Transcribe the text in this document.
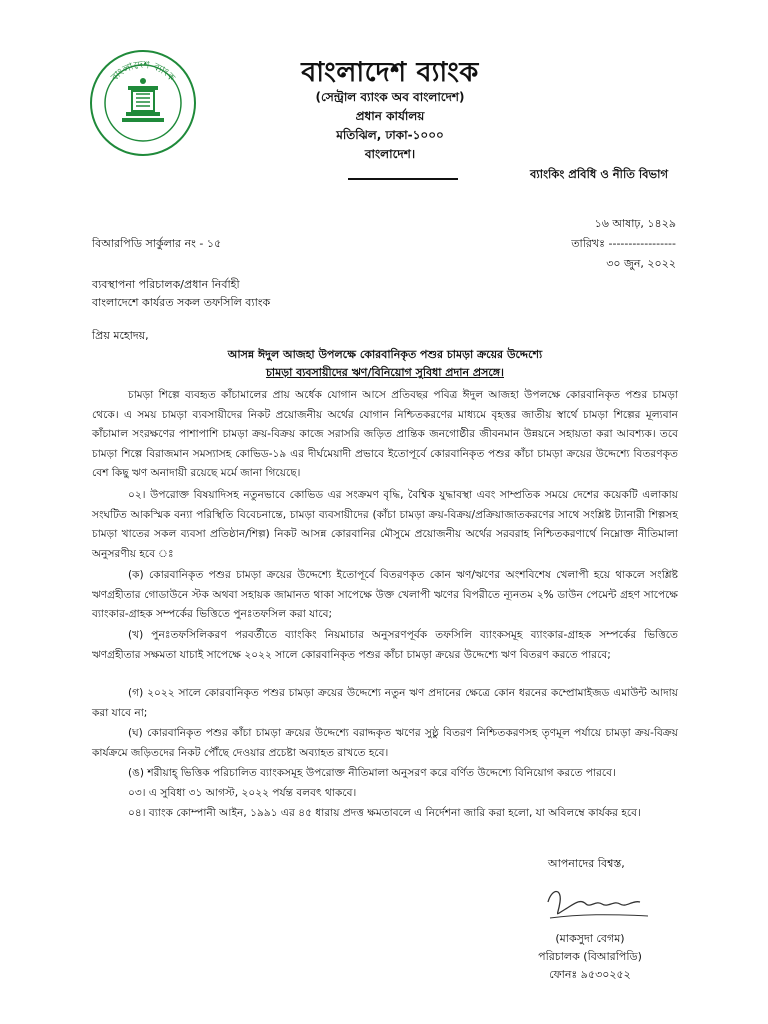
বাংলাদেশ ব্যাংক	বাংলাদেশ ব্যাংক
(সেন্ট্রাল ব্যাংক অব বাংলাদেশ)
প্রধান কার্যালয়
মতিঝিল, ঢাকা-১০০০
বাংলাদেশ।
ব্যাংকিং প্রবিধি ও নীতি বিভাগ
১৬ আষাঢ়, ১৪২৯
বিআরপিডি সার্কুলার নং - ১৫	তারিখঃ -----------------
৩০ জুন, ২০২২
ব্যবস্থাপনা পরিচালক/প্রধান নির্বাহী
বাংলাদেশে কার্যরত সকল তফসিলি ব্যাংক
প্রিয় মহোদয়,
আসন্ন ঈদুল আজহা উপলক্ষে কোরবানিকৃত পশুর চামড়া ক্রয়ের উদ্দেশ্যে
চামড়া ব্যবসায়ীদের ঋণ/বিনিয়োগ সুবিধা প্রদান প্রসঙ্গে।
চামড়া শিল্পে ব্যবহৃত কাঁচামালের প্রায় অর্ধেক যোগান আসে প্রতিবছর পবিত্র ঈদুল আজহা উপলক্ষে কোরবানিকৃত পশুর চামড়া থেকে। এ সময় চামড়া ব্যবসায়ীদের নিকট প্রয়োজনীয় অর্থের যোগান নিশ্চিতকরণের মাধ্যমে বৃহত্তর জাতীয় স্বার্থে চামড়া শিল্পের মূল্যবান কাঁচামাল সংরক্ষণের পাশাপাশি চামড়া ক্রয়-বিক্রয় কাজে সরাসরি জড়িত প্রান্তিক জনগোষ্ঠীর জীবনমান উন্নয়নে সহায়তা করা আবশ্যক। তবে চামড়া শিল্পে বিরাজমান সমস্যাসহ কোভিড-১৯ এর দীর্ঘমেয়াদী প্রভাবে ইতোপূর্বে কোরবানিকৃত পশুর কাঁচা চামড়া ক্রয়ের উদ্দেশ্যে বিতরণকৃত বেশ কিছু ঋণ অনাদায়ী রয়েছে মর্মে জানা গিয়েছে।
০২। উপরোক্ত বিষয়াদিসহ নতুনভাবে কোভিড এর সংক্রমণ বৃদ্ধি, বৈশ্বিক যুদ্ধাবস্থা এবং সাম্প্রতিক সময়ে দেশের কয়েকটি এলাকায় সংঘটিত আকস্মিক বন্যা পরিস্থিতি বিবেচনান্তে, চামড়া ব্যবসায়ীদের (কাঁচা চামড়া ক্রয়-বিক্রয়/প্রক্রিয়াজাতকরণের সাথে সংশ্লিষ্ট ট্যানারী শিল্পসহ চামড়া খাতের সকল ব্যবসা প্রতিষ্ঠান/শিল্প) নিকট আসন্ন কোরবানির মৌসুমে প্রয়োজনীয় অর্থের সরবরাহ নিশ্চিতকরণার্থে নিম্নোক্ত নীতিমালা অনুসরণীয় হবে ঃ
(ক) কোরবানিকৃত পশুর চামড়া ক্রয়ের উদ্দেশ্যে ইতোপূর্বে বিতরণকৃত কোন ঋণ/ঋণের অংশবিশেষ খেলাপী হয়ে থাকলে সংশ্লিষ্ট ঋণগ্রহীতার গোডাউনে স্টক অথবা সহায়ক জামানত থাকা সাপেক্ষে উক্ত খেলাপী ঋণের বিপরীতে ন্যূনতম ২% ডাউন পেমেন্ট গ্রহণ সাপেক্ষে ব্যাংকার-গ্রাহক সম্পর্কের ভিত্তিতে পুনঃতফসিল করা যাবে;
(খ) পুনঃতফসিলিকরণ পরবর্তীতে ব্যাংকিং নিয়মাচার অনুসরণপূর্বক তফসিলি ব্যাংকসমূহ ব্যাংকার-গ্রাহক সম্পর্কের ভিত্তিতে ঋণগ্রহীতার সক্ষমতা যাচাই সাপেক্ষে ২০২২ সালে কোরবানিকৃত পশুর কাঁচা চামড়া ক্রয়ের উদ্দেশ্যে ঋণ বিতরণ করতে পারবে;
(গ) ২০২২ সালে কোরবানিকৃত পশুর চামড়া ক্রয়ের উদ্দেশ্যে নতুন ঋণ প্রদানের ক্ষেত্রে কোন ধরনের কম্প্রোমাইজড এমাউন্ট আদায় করা যাবে না;
(ঘ) কোরবানিকৃত পশুর কাঁচা চামড়া ক্রয়ের উদ্দেশ্যে বরাদ্দকৃত ঋণের সুষ্ঠু বিতরণ নিশ্চিতকরণসহ তৃণমূল পর্যায়ে চামড়া ক্রয়-বিক্রয় কার্যক্রমে জড়িতদের নিকট পৌঁছে দেওয়ার প্রচেষ্টা অব্যাহত রাখতে হবে।
(ঙ) শরীয়াহ্ ভিত্তিক পরিচালিত ব্যাংকসমূহ উপরোক্ত নীতিমালা অনুসরণ করে বর্ণিত উদ্দেশ্যে বিনিয়োগ করতে পারবে।
০৩। এ সুবিধা ৩১ আগস্ট, ২০২২ পর্যন্ত বলবৎ থাকবে।
০৪। ব্যাংক কোম্পানী আইন, ১৯৯১ এর ৪৫ ধারায় প্রদত্ত ক্ষমতাবলে এ নির্দেশনা জারি করা হলো, যা অবিলম্বে কার্যকর হবে।
আপনাদের বিশ্বস্ত,
(মাকসুদা বেগম)
পরিচালক (বিআরপিডি)
ফোনঃ ৯৫৩০২৫২
